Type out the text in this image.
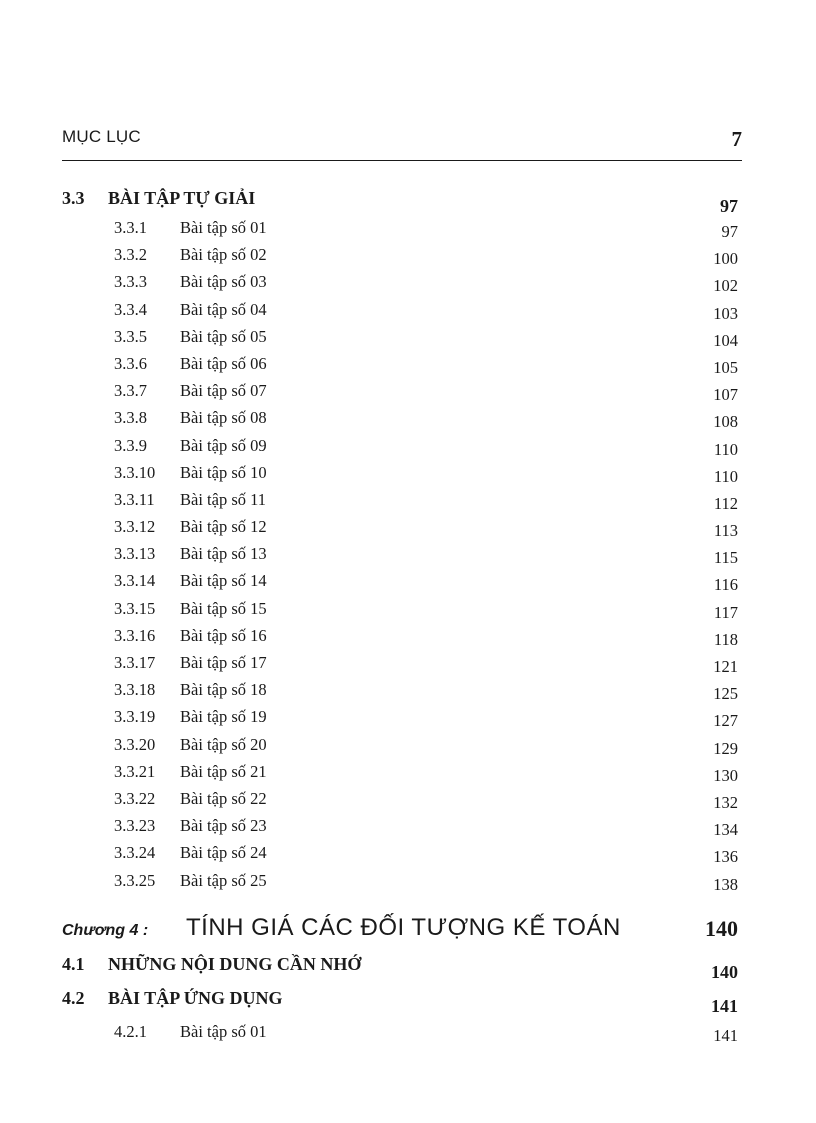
MỤC LỤC	7
3.3 BÀI TẬP TỰ GIẢI	97
3.3.1 Bài tập số 01	97
3.3.2 Bài tập số 02	100
3.3.3 Bài tập số 03	102
3.3.4 Bài tập số 04	103
3.3.5 Bài tập số 05	104
3.3.6 Bài tập số 06	105
3.3.7 Bài tập số 07	107
3.3.8 Bài tập số 08	108
3.3.9 Bài tập số 09	110
3.3.10 Bài tập số 10	110
3.3.11 Bài tập số 11	112
3.3.12 Bài tập số 12	113
3.3.13 Bài tập số 13	115
3.3.14 Bài tập số 14	116
3.3.15 Bài tập số 15	117
3.3.16 Bài tập số 16	118
3.3.17 Bài tập số 17	121
3.3.18 Bài tập số 18	125
3.3.19 Bài tập số 19	127
3.3.20 Bài tập số 20	129
3.3.21 Bài tập số 21	130
3.3.22 Bài tập số 22	132
3.3.23 Bài tập số 23	134
3.3.24 Bài tập số 24	136
3.3.25 Bài tập số 25	138
Chương 4 : TÍNH GIÁ CÁC ĐỐI TƯỢNG KẾ TOÁN	140
4.1 NHỮNG NỘI DUNG CẦN NHỚ	140
4.2 BÀI TẬP ỨNG DỤNG	141
4.2.1 Bài tập số 01	141
